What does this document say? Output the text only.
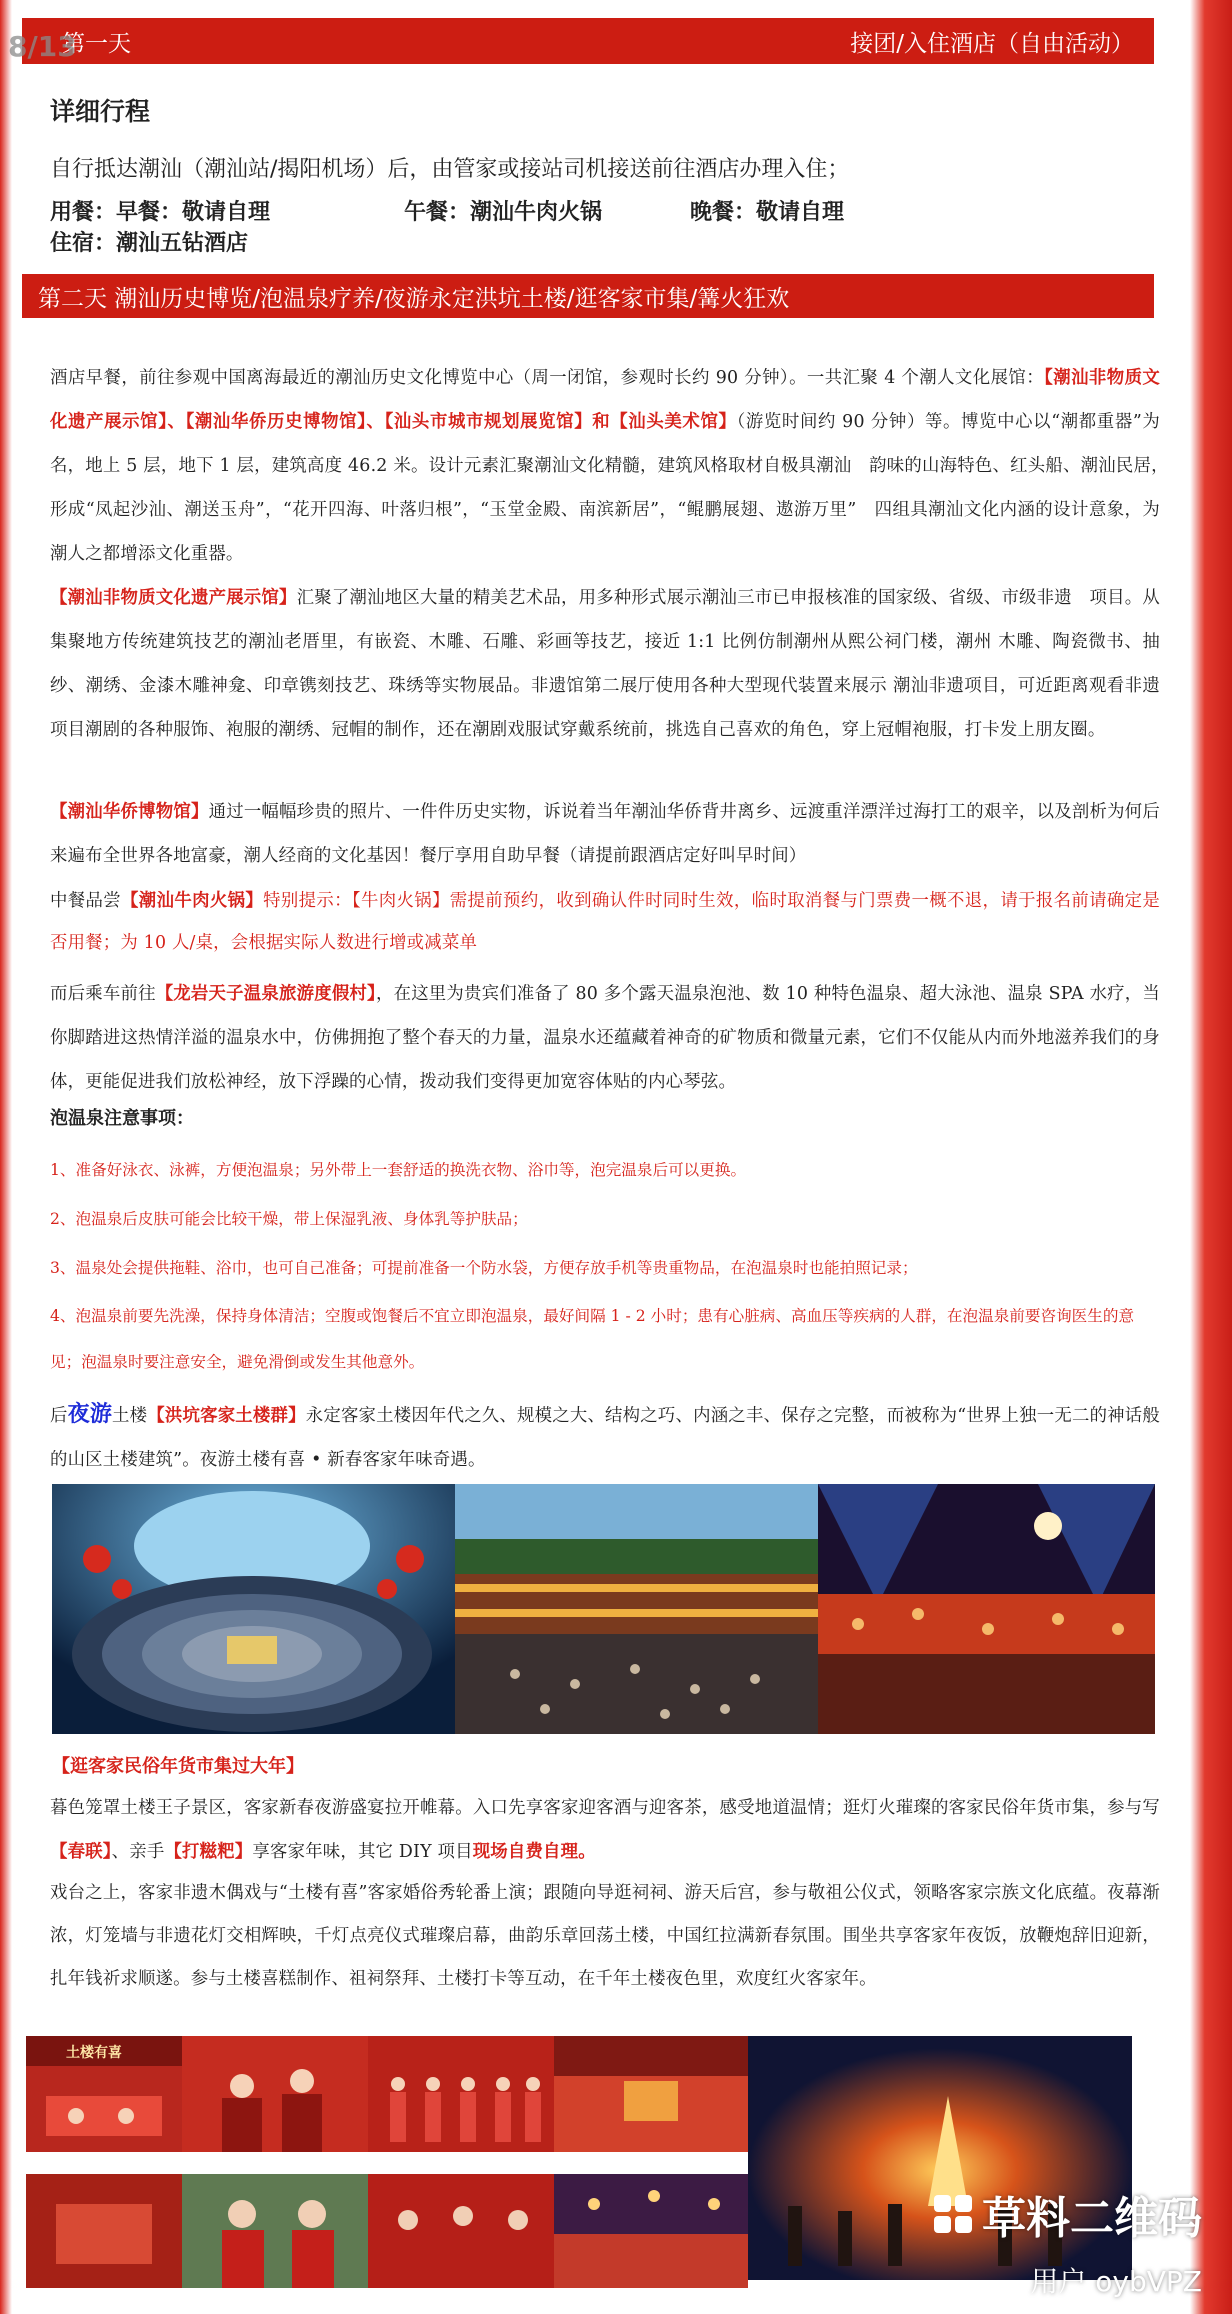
第一天	接团/入住酒店（自由活动）
8/13
详细行程
自行抵达潮汕（潮汕站/揭阳机场）后，由管家或接站司机接送前往酒店办理入住；
用餐：早餐：敬请自理	午餐：潮汕牛肉火锅	晚餐：敬请自理
住宿：潮汕五钻酒店
第二天 潮汕历史博览/泡温泉疗养/夜游永定洪坑土楼/逛客家市集/篝火狂欢
酒店早餐，前往参观中国离海最近的潮汕历史文化博览中心（周一闭馆，参观时长约 90 分钟）。一共汇聚 4 个潮人文化展馆：【潮汕非物质文化遗产展示馆】、【潮汕华侨历史博物馆】、【汕头市城市规划展览馆】和【汕头美术馆】（游览时间约 90 分钟）等。博览中心以“潮都重器”为名，地上 5 层，地下 1 层，建筑高度 46.2 米。设计元素汇聚潮汕文化精髓，建筑风格取材自极具潮汕　韵味的山海特色、红头船、潮汕民居，　形成“凤起沙汕、潮送玉舟”，“花开四海、叶落归根”，“玉堂金殿、南滨新居”，“鲲鹏展翅、遨游万里”　四组具潮汕文化内涵的设计意象，为潮人之都增添文化重器。
【潮汕非物质文化遗产展示馆】汇聚了潮汕地区大量的精美艺术品，用多种形式展示潮汕三市已申报核准的国家级、省级、市级非遗　项目。从集聚地方传统建筑技艺的潮汕老厝里，有嵌瓷、木雕、石雕、彩画等技艺，接近 1:1 比例仿制潮州从熙公祠门楼，潮州 木雕、陶瓷微书、抽纱、潮绣、金漆木雕神龛、印章镌刻技艺、珠绣等实物展品。非遗馆第二展厅使用各种大型现代装置来展示 潮汕非遗项目，可近距离观看非遗项目潮剧的各种服饰、袍服的潮绣、冠帽的制作，还在潮剧戏服试穿戴系统前，挑选自己喜欢的角色，穿上冠帽袍服，打卡发上朋友圈。
【潮汕华侨博物馆】通过一幅幅珍贵的照片、一件件历史实物，诉说着当年潮汕华侨背井离乡、远渡重洋漂洋过海打工的艰辛，以及剖析为何后来遍布全世界各地富豪，潮人经商的文化基因！餐厅享用自助早餐（请提前跟酒店定好叫早时间）
中餐品尝【潮汕牛肉火锅】特别提示：【牛肉火锅】需提前预约，收到确认件时同时生效，临时取消餐与门票费一概不退，请于报名前请确定是否用餐；为 10 人/桌，会根据实际人数进行增或减菜单
而后乘车前往【龙岩天子温泉旅游度假村】，在这里为贵宾们准备了 80 多个露天温泉泡池、数 10 种特色温泉、超大泳池、温泉 SPA 水疗，当你脚踏进这热情洋溢的温泉水中，仿佛拥抱了整个春天的力量，温泉水还蕴藏着神奇的矿物质和微量元素，它们不仅能从内而外地滋养我们的身体，更能促进我们放松神经，放下浮躁的心情，拨动我们变得更加宽容体贴的内心琴弦。
泡温泉注意事项：
1、准备好泳衣、泳裤，方便泡温泉；另外带上一套舒适的换洗衣物、浴巾等，泡完温泉后可以更换。
2、泡温泉后皮肤可能会比较干燥，带上保湿乳液、身体乳等护肤品；
3、温泉处会提供拖鞋、浴巾，也可自己准备；可提前准备一个防水袋，方便存放手机等贵重物品，在泡温泉时也能拍照记录；
4、泡温泉前要先洗澡，保持身体清洁；空腹或饱餐后不宜立即泡温泉，最好间隔 1 - 2 小时；患有心脏病、高血压等疾病的人群，在泡温泉前要咨询医生的意见；泡温泉时要注意安全，避免滑倒或发生其他意外。
后夜游土楼【洪坑客家土楼群】永定客家土楼因年代之久、规模之大、结构之巧、内涵之丰、保存之完整，而被称为“世界上独一无二的神话般的山区土楼建筑”。夜游土楼有喜 • 新春客家年味奇遇。
【逛客家民俗年货市集过大年】
暮色笼罩土楼王子景区，客家新春夜游盛宴拉开帷幕。入口先享客家迎客酒与迎客茶，感受地道温情；逛灯火璀璨的客家民俗年货市集，参与写【春联】、亲手【打糍粑】享客家年味，其它 DIY 项目现场自费自理。
戏台之上，客家非遗木偶戏与“土楼有喜”客家婚俗秀轮番上演；跟随向导逛祠祠、游天后宫，参与敬祖公仪式，领略客家宗族文化底蕴。夜幕渐浓，灯笼墙与非遗花灯交相辉映，千灯点亮仪式璀璨启幕，曲韵乐章回荡土楼，中国红拉满新春氛围。围坐共享客家年夜饭，放鞭炮辞旧迎新，扎年钱祈求顺遂。参与土楼喜糕制作、祖祠祭拜、土楼打卡等互动，在千年土楼夜色里，欢度红火客家年。
土楼有喜
草料二维码
用户 oybVPZ
